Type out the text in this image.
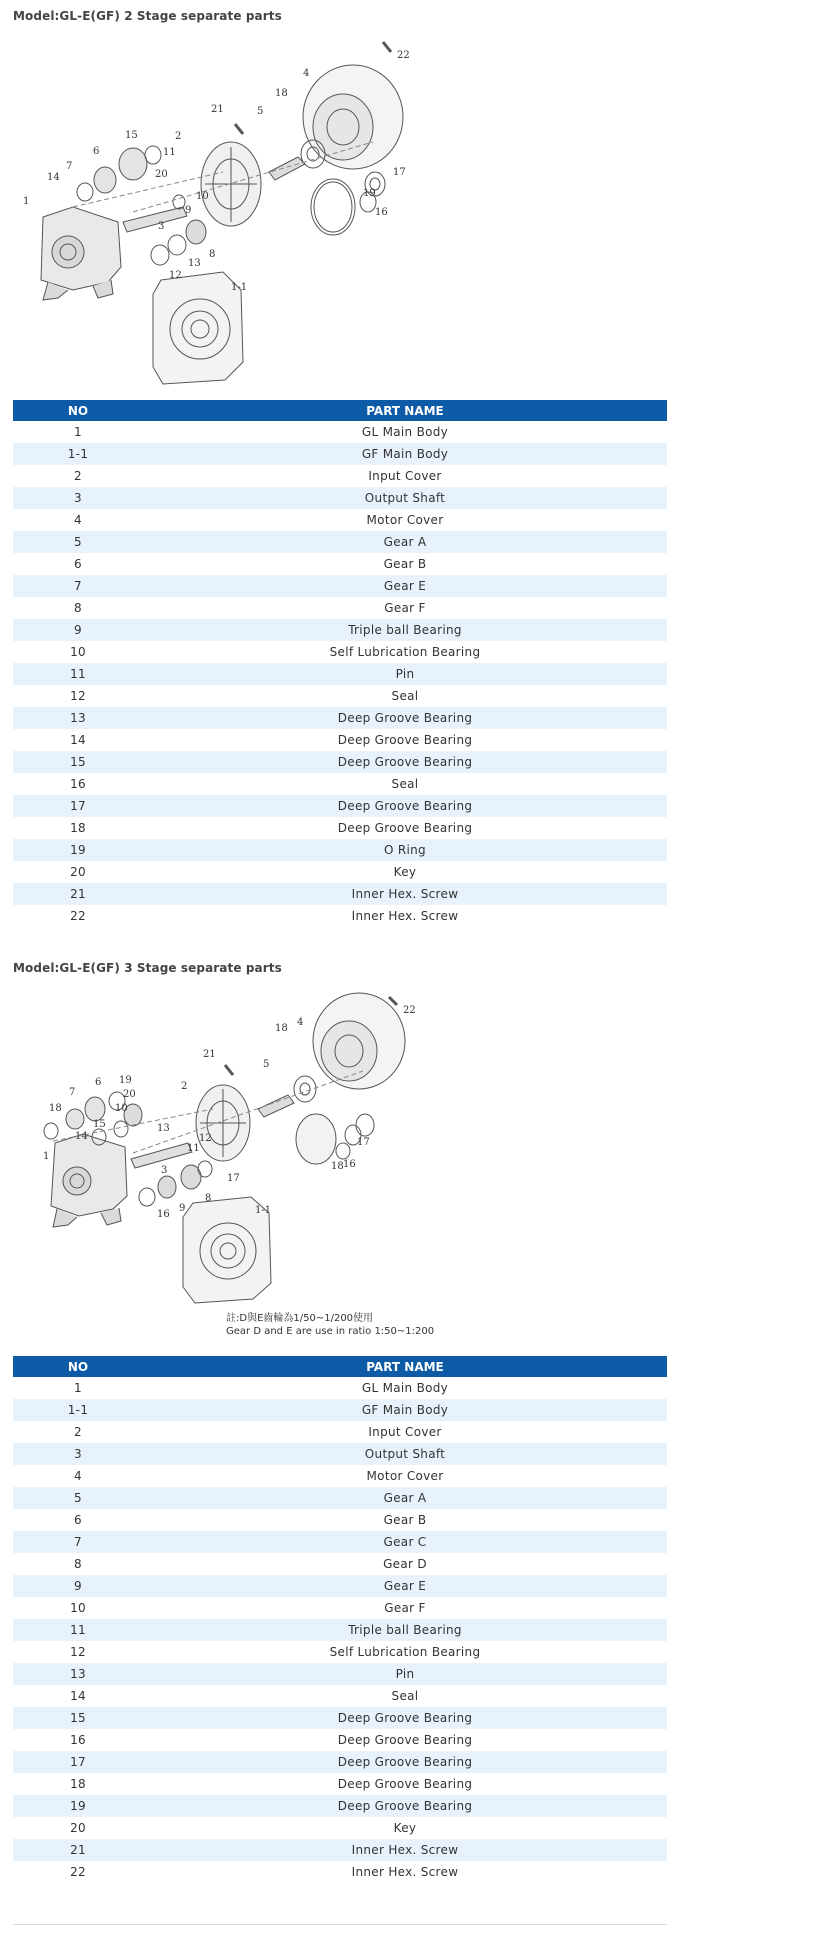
Model:GL-E(GF) 2 Stage separate parts
1
1-1
2
3
4
5
6
7
8
9
10
11
12
13
14
15
16
17
18
19
20
21
22
NO	PART NAME
1	GL Main Body
1-1	GF Main Body
2	Input Cover
3	Output Shaft
4	Motor Cover
5	Gear A
6	Gear B
7	Gear E
8	Gear F
9	Triple ball Bearing
10	Self Lubrication Bearing
11	Pin
12	Seal
13	Deep Groove Bearing
14	Deep Groove Bearing
15	Deep Groove Bearing
16	Seal
17	Deep Groove Bearing
18	Deep Groove Bearing
19	O Ring
20	Key
21	Inner Hex. Screw
22	Inner Hex. Screw
Model:GL-E(GF) 3 Stage separate parts
1
1-1
2
3
4
5
6
7
8
9
10
11
12
13
14
15
16
17
18
18
19
20
21
22
18
16
17
註:D與E齒輪為1/50~1/200使用
Gear D and E are use in ratio 1:50~1:200
NO	PART NAME
1	GL Main Body
1-1	GF Main Body
2	Input Cover
3	Output Shaft
4	Motor Cover
5	Gear A
6	Gear B
7	Gear C
8	Gear D
9	Gear E
10	Gear F
11	Triple ball Bearing
12	Self Lubrication Bearing
13	Pin
14	Seal
15	Deep Groove Bearing
16	Deep Groove Bearing
17	Deep Groove Bearing
18	Deep Groove Bearing
19	Deep Groove Bearing
20	Key
21	Inner Hex. Screw
22	Inner Hex. Screw
